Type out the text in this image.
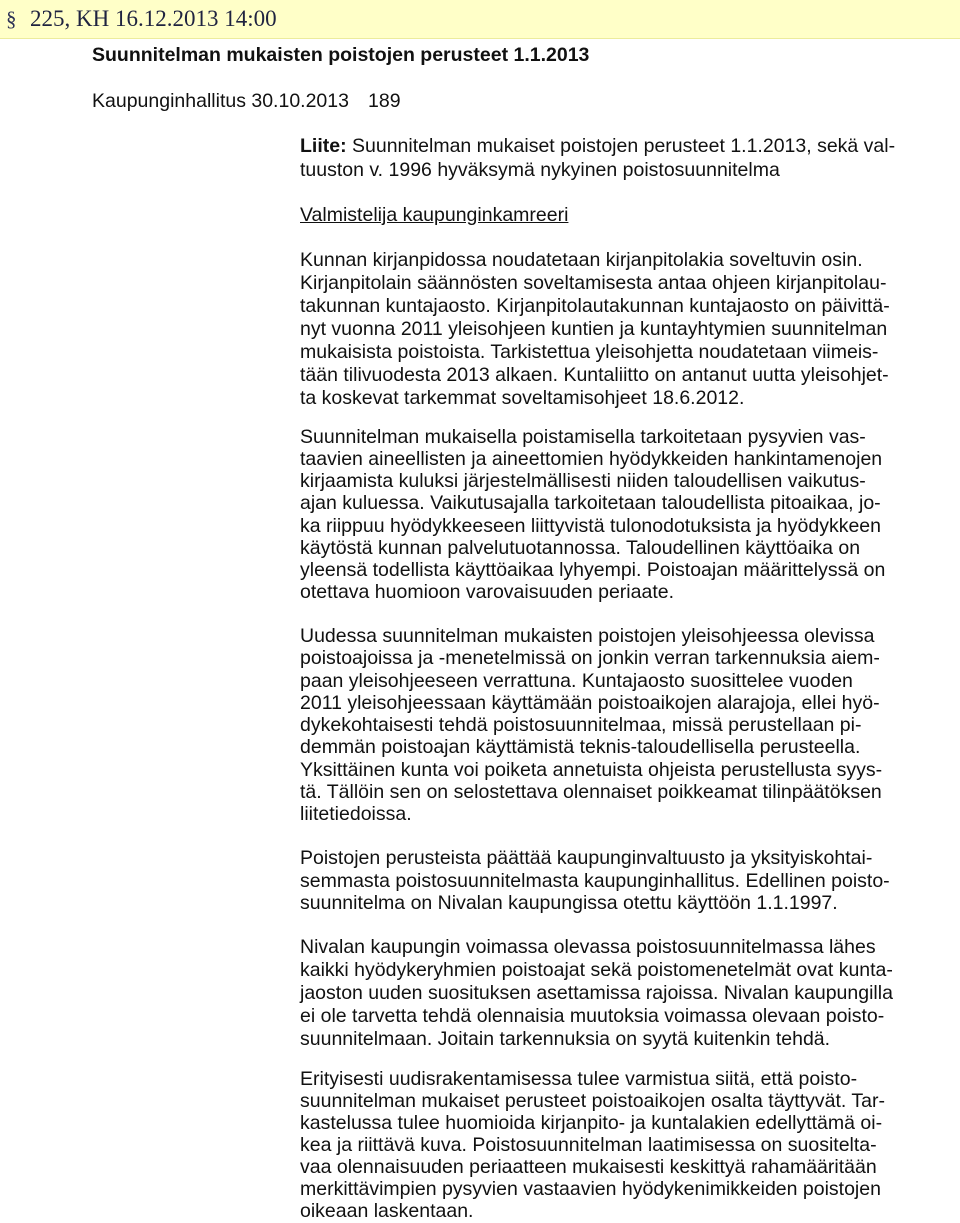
§ 225, KH 16.12.2013 14:00
Suunnitelman mukaisten poistojen perusteet 1.1.2013
Kaupunginhallitus 30.10.2013 189
Liite: Suunnitelman mukaiset poistojen perusteet 1.1.2013, sekä val-
tuuston v. 1996 hyväksymä nykyinen poistosuunnitelma
Valmistelija kaupunginkamreeri
Kunnan kirjanpidossa noudatetaan kirjanpitolakia soveltuvin osin.
Kirjanpitolain säännösten soveltamisesta antaa ohjeen kirjanpitolau-
takunnan kuntajaosto. Kirjanpitolautakunnan kuntajaosto on päivittä-
nyt vuonna 2011 yleisohjeen kuntien ja kuntayhtymien suunnitelman
mukaisista poistoista. Tarkistettua yleisohjetta noudatetaan viimeis-
tään tilivuodesta 2013 alkaen. Kuntaliitto on antanut uutta yleisohjet-
ta koskevat tarkemmat soveltamisohjeet 18.6.2012.
Suunnitelman mukaisella poistamisella tarkoitetaan pysyvien vas-
taavien aineellisten ja aineettomien hyödykkeiden hankintamenojen
kirjaamista kuluksi järjestelmällisesti niiden taloudellisen vaikutus-
ajan kuluessa. Vaikutusajalla tarkoitetaan taloudellista pitoaikaa, jo-
ka riippuu hyödykkeeseen liittyvistä tulonodotuksista ja hyödykkeen
käytöstä kunnan palvelutuotannossa. Taloudellinen käyttöaika on
yleensä todellista käyttöaikaa lyhyempi. Poistoajan määrittelyssä on
otettava huomioon varovaisuuden periaate.
Uudessa suunnitelman mukaisten poistojen yleisohjeessa olevissa
poistoajoissa ja -menetelmissä on jonkin verran tarkennuksia aiem-
paan yleisohjeeseen verrattuna. Kuntajaosto suosittelee vuoden
2011 yleisohjeessaan käyttämään poistoaikojen alarajoja, ellei hyö-
dykekohtaisesti tehdä poistosuunnitelmaa, missä perustellaan pi-
demmän poistoajan käyttämistä teknis-taloudellisella perusteella.
Yksittäinen kunta voi poiketa annetuista ohjeista perustellusta syys-
tä. Tällöin sen on selostettava olennaiset poikkeamat tilinpäätöksen
liitetiedoissa.
Poistojen perusteista päättää kaupunginvaltuusto ja yksityiskohtai-
semmasta poistosuunnitelmasta kaupunginhallitus. Edellinen poisto-
suunnitelma on Nivalan kaupungissa otettu käyttöön 1.1.1997.
Nivalan kaupungin voimassa olevassa poistosuunnitelmassa lähes
kaikki hyödykeryhmien poistoajat sekä poistomenetelmät ovat kunta-
jaoston uuden suosituksen asettamissa rajoissa. Nivalan kaupungilla
ei ole tarvetta tehdä olennaisia muutoksia voimassa olevaan poisto-
suunnitelmaan. Joitain tarkennuksia on syytä kuitenkin tehdä.
Erityisesti uudisrakentamisessa tulee varmistua siitä, että poisto-
suunnitelman mukaiset perusteet poistoaikojen osalta täyttyvät. Tar-
kastelussa tulee huomioida kirjanpito- ja kuntalakien edellyttämä oi-
kea ja riittävä kuva. Poistosuunnitelman laatimisessa on suositelta-
vaa olennaisuuden periaatteen mukaisesti keskittyä rahamääritään
merkittävimpien pysyvien vastaavien hyödykenimikkeiden poistojen
oikeaan laskentaan.
